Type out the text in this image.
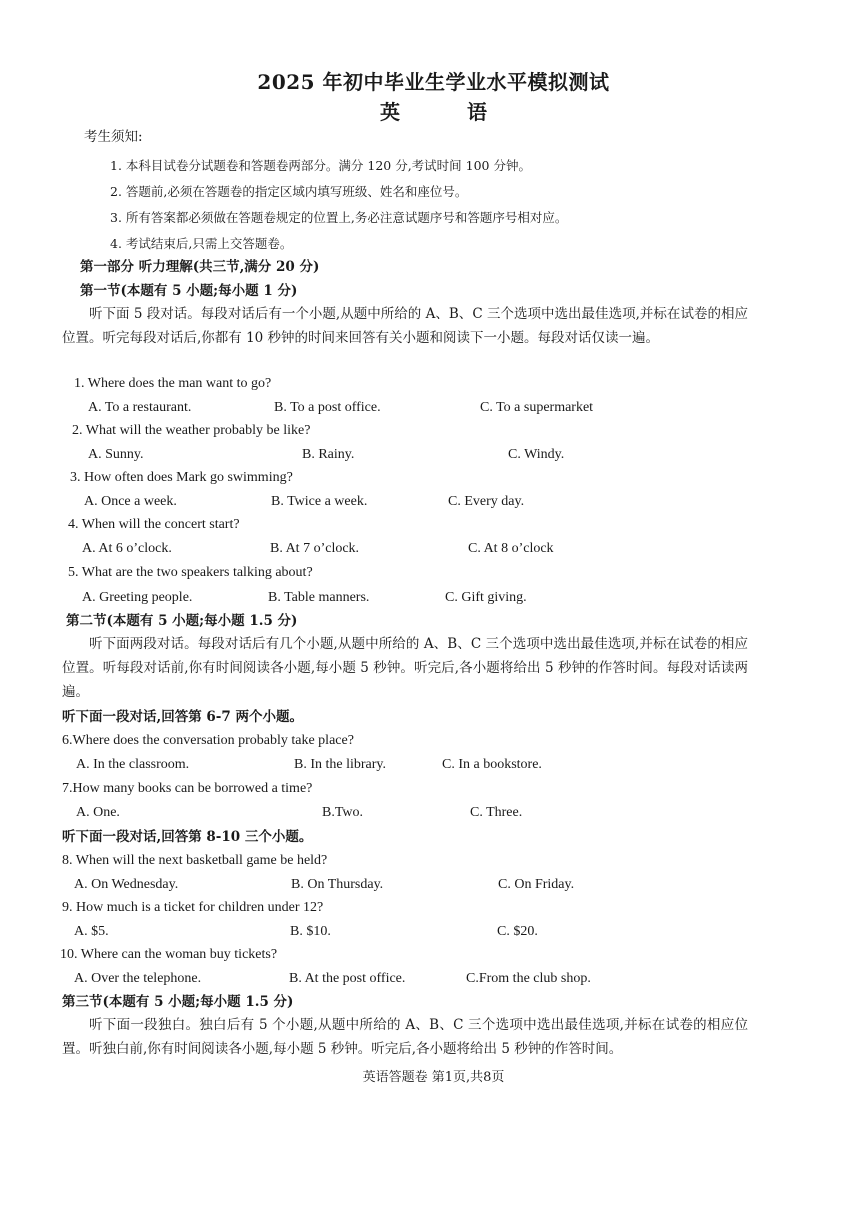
2025 年初中毕业生学业水平模拟测试
英 语
考生须知:
1. 本科目试卷分试题卷和答题卷两部分。满分 120 分,考试时间 100 分钟。
2. 答题前,必须在答题卷的指定区域内填写班级、姓名和座位号。
3. 所有答案都必须做在答题卷规定的位置上,务必注意试题序号和答题序号相对应。
4. 考试结束后,只需上交答题卷。
第一部分 听力理解(共三节,满分 20 分)
第一节(本题有 5 小题;每小题 1 分)
听下面 5 段对话。每段对话后有一个小题,从题中所给的 A、B、C 三个选项中选出最佳选项,并标在试卷的相应位置。听完每段对话后,你都有 10 秒钟的时间来回答有关小题和阅读下一小题。每段对话仅读一遍。
1. Where does the man want to go?
A. To a restaurant.	B. To a post office.	C. To a supermarket
2. What will the weather probably be like?
A. Sunny.	B. Rainy.	C. Windy.
3. How often does Mark go swimming?
A. Once a week.	B. Twice a week.	C. Every day.
4. When will the concert start?
A. At 6 o’clock.	B. At 7 o’clock.	C. At 8 o’clock
5. What are the two speakers talking about?
A. Greeting people.	B. Table manners.	C. Gift giving.
第二节(本题有 5 小题;每小题 1.5 分)
听下面两段对话。每段对话后有几个小题,从题中所给的 A、B、C 三个选项中选出最佳选项,并标在试卷的相应位置。听每段对话前,你有时间阅读各小题,每小题 5 秒钟。听完后,各小题将给出 5 秒钟的作答时间。每段对话读两遍。
听下面一段对话,回答第 6-7 两个小题。
6.Where does the conversation probably take place?
A. In the classroom.	B. In the library.	C. In a bookstore.
7.How many books can be borrowed a time?
A. One.	B.Two.	C. Three.
听下面一段对话,回答第 8-10 三个小题。
8. When will the next basketball game be held?
A. On Wednesday.	B. On Thursday.	C. On Friday.
9. How much is a ticket for children under 12?
A. $5.	B. $10.	C. $20.
10. Where can the woman buy tickets?
A. Over the telephone.	B. At the post office.	C.From the club shop.
第三节(本题有 5 小题;每小题 1.5 分)
听下面一段独白。独白后有 5 个小题,从题中所给的 A、B、C 三个选项中选出最佳选项,并标在试卷的相应位置。听独白前,你有时间阅读各小题,每小题 5 秒钟。听完后,各小题将给出 5 秒钟的作答时间。
英语答题卷 第1页,共8页
